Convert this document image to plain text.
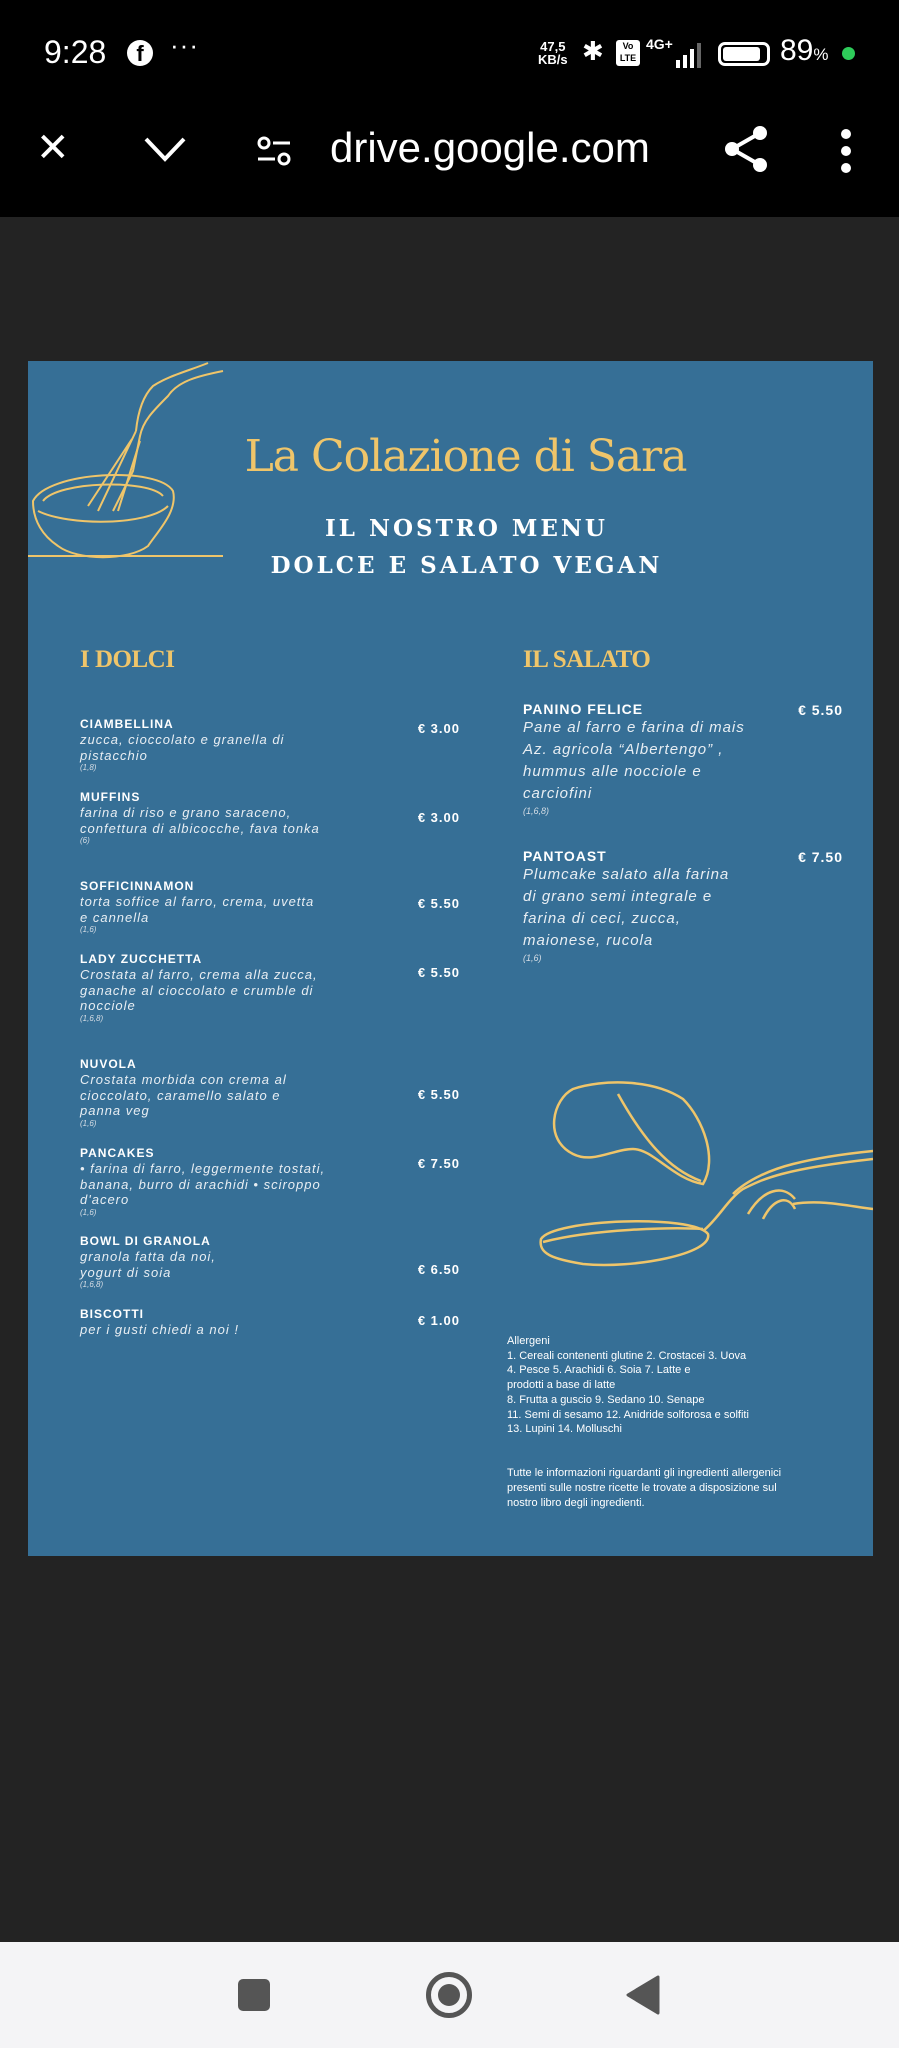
9:28	f	···	47,5
KB/s ✱	Vo LTE
4G+	89%
✕	drive.google.com
La Colazione di Sara
IL NOSTRO MENU
DOLCE E SALATO VEGAN
I DOLCI	IL SALATO
CIAMBELLINA
zucca, cioccolato e granella di pistacchio
(1,8)
€ 3.00
MUFFINS
farina di riso e grano saraceno, confettura di albicocche, fava tonka
(6)
€ 3.00
SOFFICINNAMON
torta soffice al farro, crema, uvetta e cannella
(1,6)
€ 5.50
LADY ZUCCHETTA
Crostata al farro, crema alla zucca, ganache al cioccolato e crumble di nocciole
(1,6,8)
€ 5.50
NUVOLA
Crostata morbida con crema al cioccolato, caramello salato e panna veg
(1,6)
€ 5.50
PANCAKES
• farina di farro, leggermente tostati, banana, burro di arachidi • sciroppo d'acero
(1,6)
€ 7.50
BOWL DI GRANOLA
granola fatta da noi, yogurt di soia
(1,6,8)
€ 6.50
BISCOTTI
per i gusti chiedi a noi !
€ 1.00
PANINO FELICE
Pane al farro e farina di mais Az. agricola “Albertengo” , hummus alle nocciole e carciofini
(1,6,8)
€ 5.50
PANTOAST
Plumcake salato alla farina di grano semi integrale e farina di ceci, zucca, maionese, rucola
(1,6)
€ 7.50
Allergeni
1. Cereali contenenti glutine 2. Crostacei 3. Uova
4. Pesce 5. Arachidi 6. Soia 7. Latte e
prodotti a base di latte
8. Frutta a guscio 9. Sedano 10. Senape
11. Semi di sesamo 12. Anidride solforosa e solfiti
13. Lupini 14. Molluschi
Tutte le informazioni riguardanti gli ingredienti allergenici presenti sulle nostre ricette le trovate a disposizione sul nostro libro degli ingredienti.
